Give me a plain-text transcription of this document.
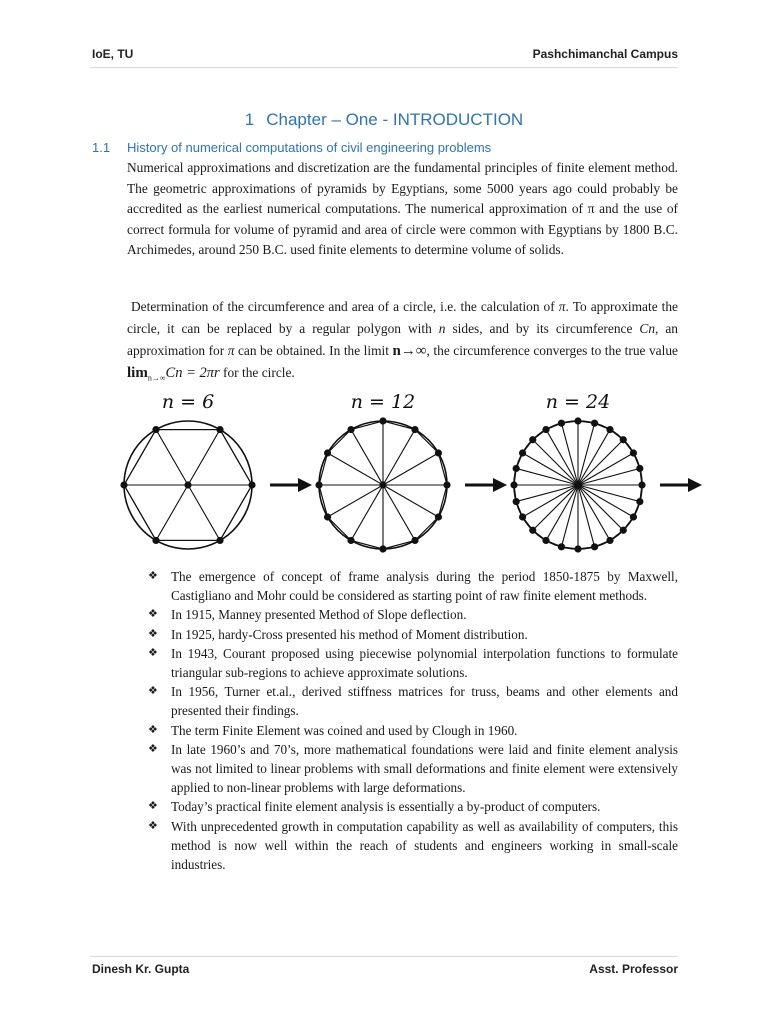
IoE, TU	Pashchimanchal Campus
1 Chapter – One - INTRODUCTION
1.1 History of numerical computations of civil engineering problems
Numerical approximations and discretization are the fundamental principles of finite element method. The geometric approximations of pyramids by Egyptians, some 5000 years ago could probably be accredited as the earliest numerical computations. The numerical approximation of π and the use of correct formula for volume of pyramid and area of circle were common with Egyptians by 1800 B.C. Archimedes, around 250 B.C. used finite elements to determine volume of solids.
Determination of the circumference and area of a circle, i.e. the calculation of π. To approximate the circle, it can be replaced by a regular polygon with n sides, and by its circumference Cn, an approximation for π can be obtained. In the limit n→∞, the circumference converges to the true value $\lim_{n\to\infty}Cn = 2\pi r$ for the circle.
n = 6	n = 12	n = 24
❖ The emergence of concept of frame analysis during the period 1850-1875 by Maxwell, Castigliano and Mohr could be considered as starting point of raw finite element methods.
❖ In 1915, Manney presented Method of Slope deflection.
❖ In 1925, hardy-Cross presented his method of Moment distribution.
❖ In 1943, Courant proposed using piecewise polynomial interpolation functions to formulate triangular sub-regions to achieve approximate solutions.
❖ In 1956, Turner et.al., derived stiffness matrices for truss, beams and other elements and presented their findings.
❖ The term Finite Element was coined and used by Clough in 1960.
❖ In late 1960’s and 70’s, more mathematical foundations were laid and finite element analysis was not limited to linear problems with small deformations and finite element were extensively applied to non-linear problems with large deformations.
❖ Today’s practical finite element analysis is essentially a by-product of computers.
❖ With unprecedented growth in computation capability as well as availability of computers, this method is now well within the reach of students and engineers working in small-scale industries.
Dinesh Kr. Gupta	Asst. Professor
